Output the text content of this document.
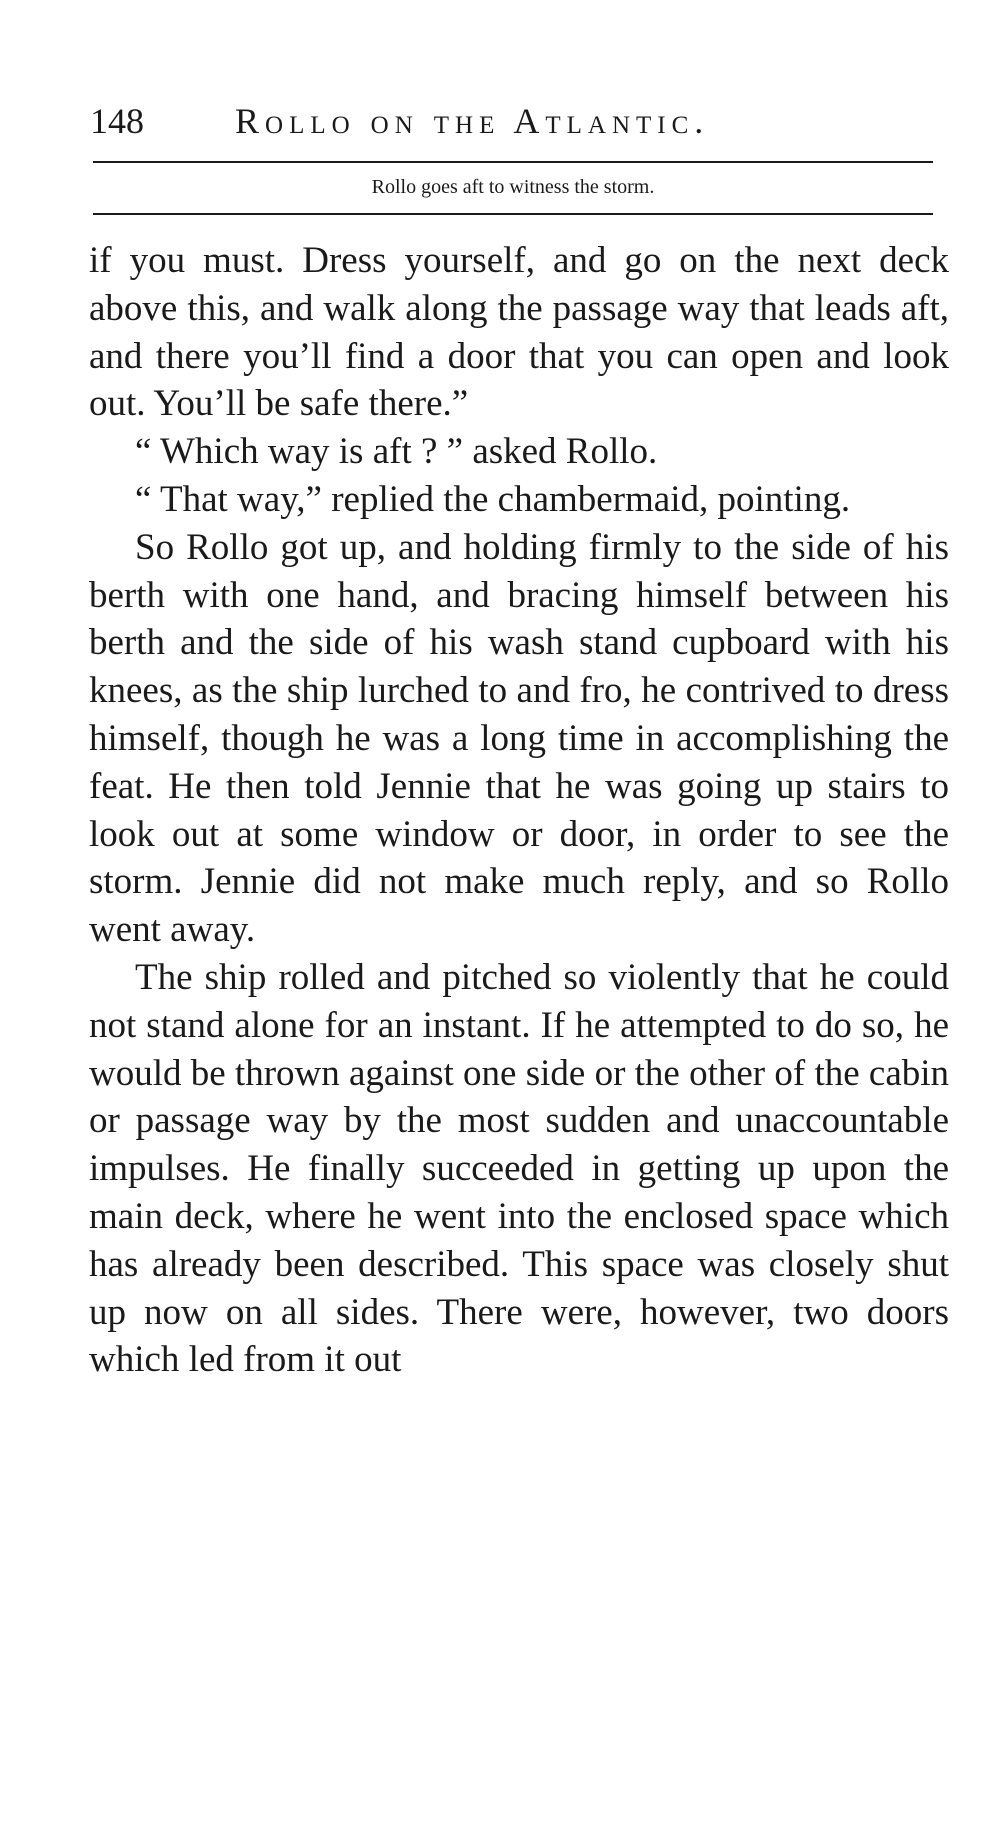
148	Rollo on the Atlantic.
Rollo goes aft to witness the storm.

if you must. Dress yourself, and go on the next deck above this, and walk along the passage way that leads aft, and there you’ll find a door that you can open and look out. You’ll be safe there.”

“ Which way is aft ? ” asked Rollo.

“ That way,” replied the chambermaid, pointing.

So Rollo got up, and holding firmly to the side of his berth with one hand, and bracing himself between his berth and the side of his wash stand cupboard with his knees, as the ship lurched to and fro, he contrived to dress himself, though he was a long time in accomplishing the feat. He then told Jennie that he was going up stairs to look out at some window or door, in order to see the storm. Jennie did not make much reply, and so Rollo went away.

The ship rolled and pitched so violently that he could not stand alone for an instant. If he attempted to do so, he would be thrown against one side or the other of the cabin or passage way by the most sudden and unaccountable impulses. He finally succeeded in getting up upon the main deck, where he went into the enclosed space which has already been described. This space was closely shut up now on all sides. There were, however, two doors which led from it out
